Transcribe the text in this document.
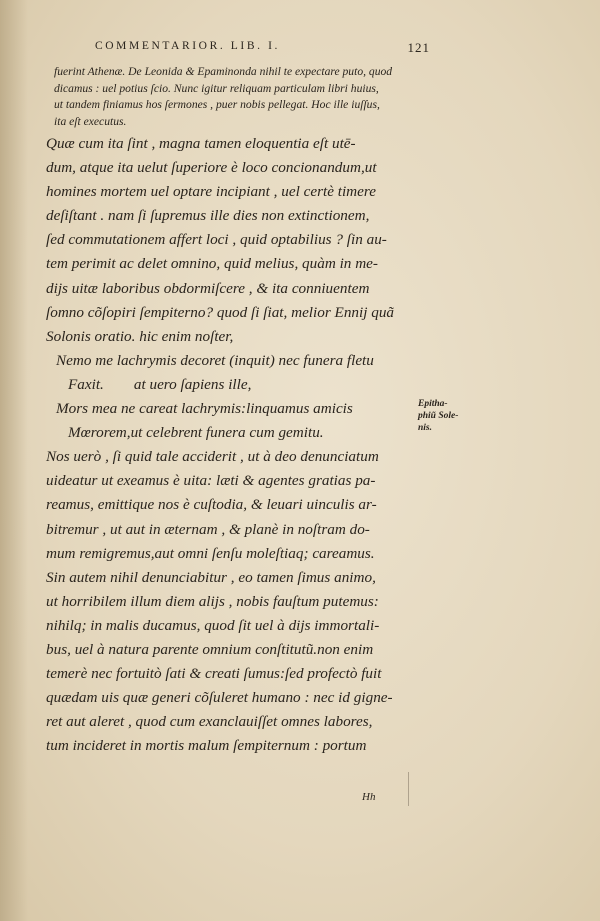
COMMENTARIOR. LIB. I.	121
fuerint Athenæ. De Leonida & Epaminonda nihil te expectare puto, quod
dicamus : uel potius ſcio. Nunc igitur reliquam particulam libri huius,
ut tandem finiamus hos ſermones , puer nobis pellegat. Hoc ille iuſſus,
ita eſt executus.
Quæ cum ita ſint , magna tamen eloquentia eſt utē-
dum, atque ita uelut ſuperiore è loco concionandum,ut
homines mortem uel optare incipiant , uel certè timere
deſiſtant . nam ſi ſupremus ille dies non extinctionem,
ſed commutationem affert loci , quid optabilius ? ſin au-
tem perimit ac delet omnino, quid melius, quàm in me-
dijs uitæ laboribus obdormiſcere , & ita conniuentem
ſomno cõſopiri ſempiterno? quod ſi ſiat, melior Ennij quã
Solonis oratio. hic enim noſter,
Nemo me lachrymis decoret (inquit) nec funera fletu
Faxit. at uero ſapiens ille,
Mors mea ne careat lachrymis:linquamus amicis
Mœrorem,ut celebrent funera cum gemitu.
Nos uerò , ſi quid tale acciderit , ut à deo denunciatum
uideatur ut exeamus è uita: læti & agentes gratias pa-
reamus, emittique nos è cuſtodia, & leuari uinculis ar-
bitremur , ut aut in æternam , & planè in noſtram do-
mum remigremus,aut omni ſenſu moleſtiaq; careamus.
Sin autem nihil denunciabitur , eo tamen ſimus animo,
ut horribilem illum diem alijs , nobis fauſtum putemus:
nihilq; in malis ducamus, quod ſit uel à dijs immortali-
bus, uel à natura parente omnium conſtitutũ.non enim
temerè nec fortuitò ſati & creati ſumus:ſed profectò fuit
quædam uis quæ generi cõſuleret humano : nec id gigne-
ret aut aleret , quod cum exanclauiſſet omnes labores,
tum incideret in mortis malum ſempiternum : portum
Epitha-
phiũ Sole-
nis.
Hh
